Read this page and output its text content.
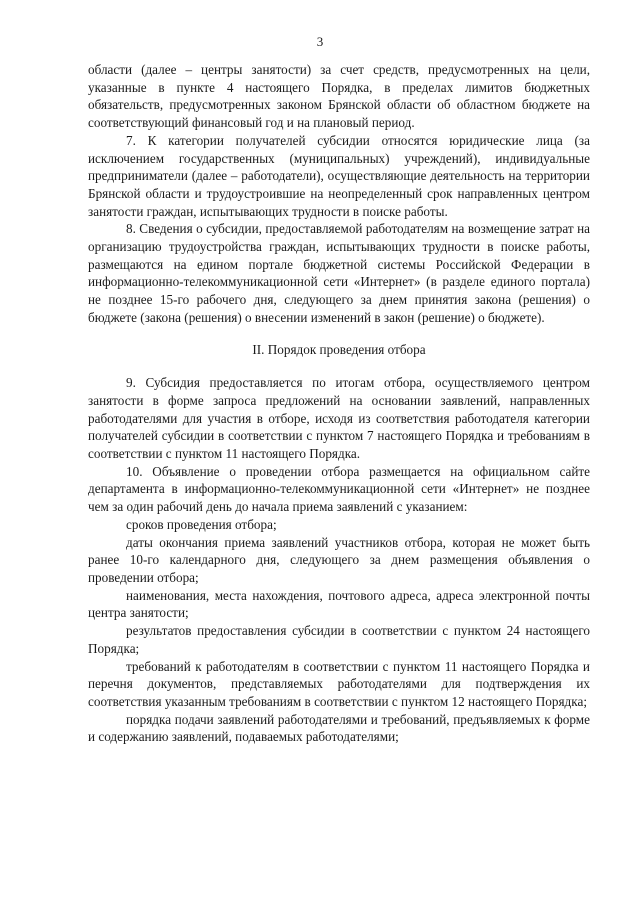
3

области (далее – центры занятости) за счет средств, предусмотренных на цели, указанные в пункте 4 настоящего Порядка, в пределах лимитов бюджетных обязательств, предусмотренных законом Брянской области об областном бюджете на соответствующий финансовый год и на плановый период.

7. К категории получателей субсидии относятся юридические лица (за исключением государственных (муниципальных) учреждений), индивидуальные предприниматели (далее – работодатели), осуществляющие деятельность на территории Брянской области и трудоустроившие на неопределенный срок направленных центром занятости граждан, испытывающих трудности в поиске работы.

8. Сведения о субсидии, предоставляемой работодателям на возмещение затрат на организацию трудоустройства граждан, испытывающих трудности в поиске работы, размещаются на едином портале бюджетной системы Российской Федерации в информационно-телекоммуникационной сети «Интернет» (в разделе единого портала) не позднее 15-го рабочего дня, следующего за днем принятия закона (решения) о бюджете (закона (решения) о внесении изменений в закон (решение) о бюджете).

II. Порядок проведения отбора

9. Субсидия предоставляется по итогам отбора, осуществляемого центром занятости в форме запроса предложений на основании заявлений, направленных работодателями для участия в отборе, исходя из соответствия работодателя категории получателей субсидии в соответствии с пунктом 7 настоящего Порядка и требованиям в соответствии с пунктом 11 настоящего Порядка.

10. Объявление о проведении отбора размещается на официальном сайте департамента в информационно-телекоммуникационной сети «Интернет» не позднее чем за один рабочий день до начала приема заявлений с указанием:

сроков проведения отбора;

даты окончания приема заявлений участников отбора, которая не может быть ранее 10-го календарного дня, следующего за днем размещения объявления о проведении отбора;

наименования, места нахождения, почтового адреса, адреса электронной почты центра занятости;

результатов предоставления субсидии в соответствии с пунктом 24 настоящего Порядка;

требований к работодателям в соответствии с пунктом 11 настоящего Порядка и перечня документов, представляемых работодателями для подтверждения их соответствия указанным требованиям в соответствии с пунктом 12 настоящего Порядка;

порядка подачи заявлений работодателями и требований, предъявляемых к форме и содержанию заявлений, подаваемых работодателями;
